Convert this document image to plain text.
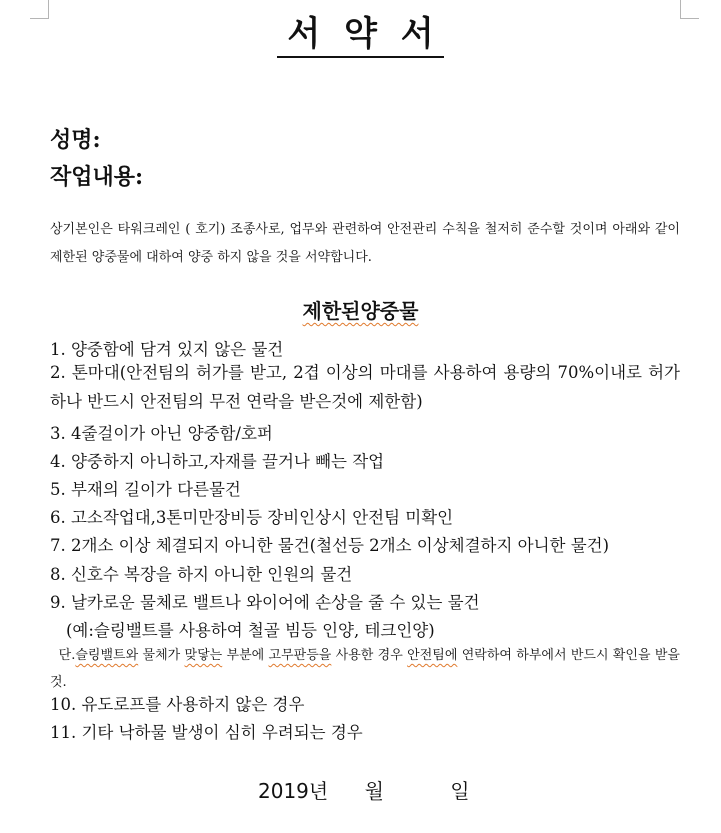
서 약 서
성명:
작업내용:
상기본인은 타워크레인 ( 호기) 조종사로, 업무와 관련하여 안전관리 수칙을 철저히 준수할 것이며 아래와 같이 제한된 양중물에 대하여 양중 하지 않을 것을 서약합니다.
제한된양중물
1. 양중함에 담겨 있지 않은 물건
2. 톤마대(안전팀의 허가를 받고, 2겹 이상의 마대를 사용하여 용량의 70%이내로 허가하나 반드시 안전팀의 무전 연락을 받은것에 제한함)
3. 4줄걸이가 아닌 양중함/호퍼
4. 양중하지 아니하고,자재를 끌거나 빼는 작업
5. 부재의 길이가 다른물건
6. 고소작업대,3톤미만장비등 장비인상시 안전팀 미확인
7. 2개소 이상 체결되지 아니한 물건(철선등 2개소 이상체결하지 아니한 물건)
8. 신호수 복장을 하지 아니한 인원의 물건
9. 날카로운 물체로 밸트나 와이어에 손상을 줄 수 있는 물건
(예:슬링밸트를 사용하여 철골 빔등 인양, 테크인양)
단.슬링밸트와 물체가 맞닿는 부분에 고무판등을 사용한 경우 안전팀에 연락하여 하부에서 반드시 확인을 받을 것.
10. 유도로프를 사용하지 않은 경우
11. 기타 낙하물 발생이 심히 우려되는 경우
2019년 월	일
